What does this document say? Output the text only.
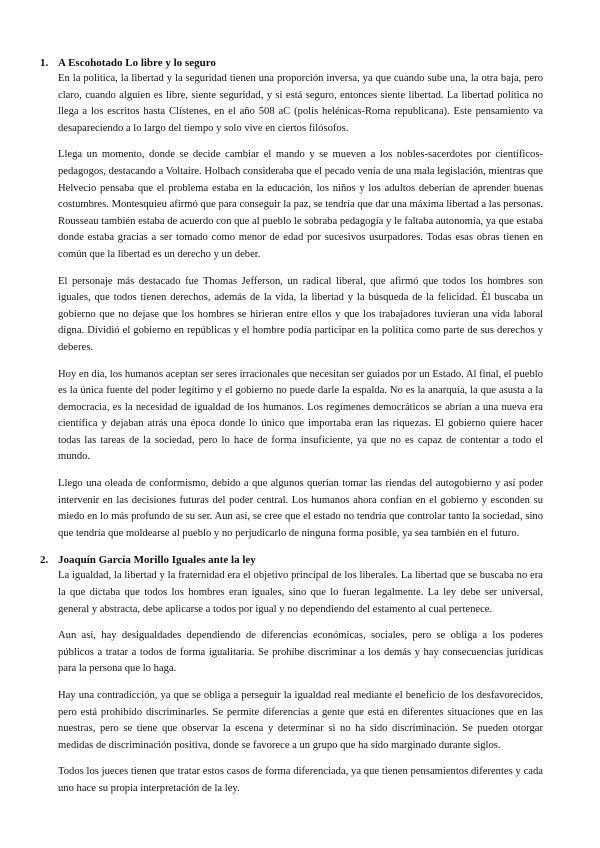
1. A Escohotado Lo libre y lo seguro

En la política, la libertad y la seguridad tienen una proporción inversa, ya que cuando sube una, la otra baja, pero claro, cuando alguien es libre, siente seguridad, y si está seguro, entonces siente libertad. La libertad política no llega a los escritos hasta Clístenes, en el año 508 aC (polis helénicas-Roma republicana). Este pensamiento va desapareciendo a lo largo del tiempo y solo vive en ciertos filósofos.

Llega un momento, donde se decide cambiar el mando y se mueven a los nobles-sacerdotes por científicos-pedagogos, destacando a Voltaire. Holbach consideraba que el pecado venía de una mala legislación, mientras que Helvecio pensaba que el problema estaba en la educación, los niños y los adultos deberían de aprender buenas costumbres. Montesquieu afirmó que para conseguir la paz, se tendría que dar una máxima libertad a las personas. Rousseau también estaba de acuerdo con que al pueblo le sobraba pedagogía y le faltaba autonomía, ya que estaba donde estaba gracias a ser tomado como menor de edad por sucesivos usurpadores. Todas esas obras tienen en común que la libertad es un derecho y un deber.

El personaje más destacado fue Thomas Jefferson, un radical liberal, que afirmó que todos los hombres son iguales, que todos tienen derechos, además de la vida, la libertad y la búsqueda de la felicidad. Él buscaba un gobierno que no dejase que los hombres se hirieran entre ellos y que los trabajadores tuvieran una vida laboral digna. Dividió el gobierno en repúblicas y el hombre podía participar en la política como parte de sus derechos y deberes.

Hoy en día, los humanos aceptan ser seres irracionales que necesitan ser guiados por un Estado. Al final, el pueblo es la única fuente del poder legítimo y el gobierno no puede darle la espalda. No es la anarquía, la que asusta a la democracia, es la necesidad de igualdad de los humanos. Los regímenes democráticos se abrían a una nueva era científica y dejaban atrás una época donde lo único que importaba eran las riquezas. El gobierno quiere hacer todas las tareas de la sociedad, pero lo hace de forma insuficiente, ya que no es capaz de contentar a todo el mundo.

Llego una oleada de conformismo, debido a que algunos querían tomar las riendas del autogobierno y así poder intervenir en las decisiones futuras del poder central. Los humanos ahora confían en el gobierno y esconden su miedo en lo más profundo de su ser. Aun así, se cree que el estado no tendría que controlar tanto la sociedad, sino que tendría que moldearse al pueblo y no perjudicarlo de ninguna forma posible, ya sea también en el futuro.

2. Joaquín García Morillo Iguales ante la ley

La igualdad, la libertad y la fraternidad era el objetivo principal de los liberales. La libertad que se buscaba no era la que dictaba que todos los hombres eran iguales, sino que lo fueran legalmente. La ley debe ser universal, general y abstracta, debe aplicarse a todos por igual y no dependiendo del estamento al cual pertenece.

Aun así, hay desigualdades dependiendo de diferencias económicas, sociales, pero se obliga a los poderes públicos a tratar a todos de forma igualitaria. Se prohíbe discriminar a los demás y hay consecuencias jurídicas para la persona que lo haga.

Hay una contradicción, ya que se obliga a perseguir la igualdad real mediante el beneficio de los desfavorecidos, pero está prohibido discriminarles. Se permite diferencias a gente que está en diferentes situaciones que en las nuestras, pero se tiene que observar la escena y determinar si no ha sido discriminación. Se pueden otorgar medidas de discriminación positiva, donde se favorece a un grupo que ha sido marginado durante siglos.

Todos los jueces tienen que tratar estos casos de forma diferenciada, ya que tienen pensamientos diferentes y cada uno hace su propia interpretación de la ley.
